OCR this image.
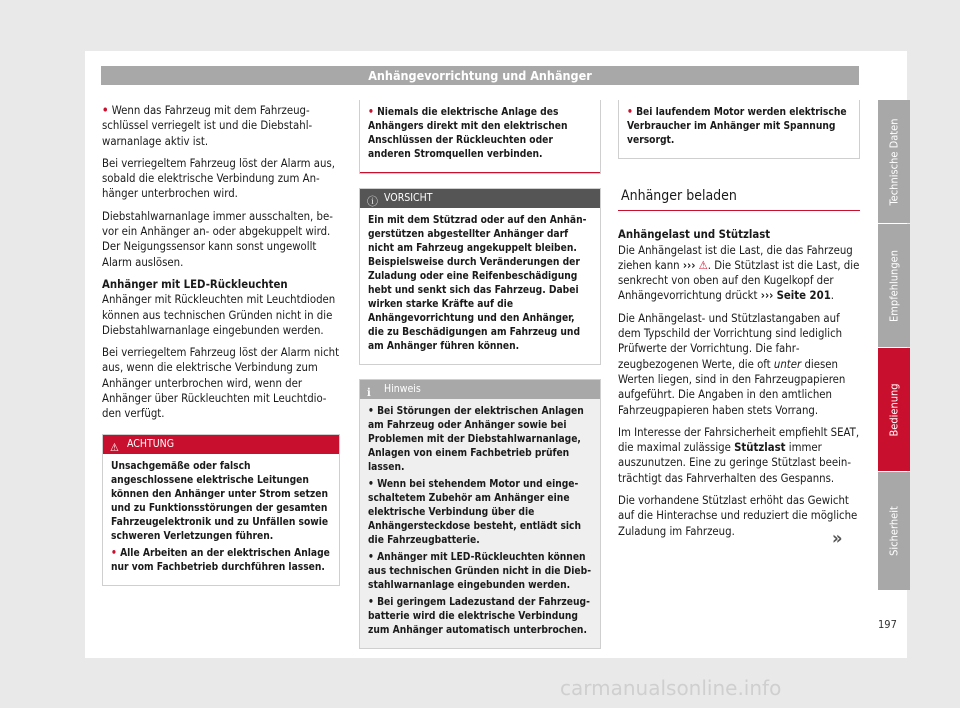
Anhängevorrichtung und Anhänger

• Wenn das Fahrzeug mit dem Fahrzeugschlüssel verriegelt ist und die Diebstahlwarnanlage aktiv ist.

Bei verriegeltem Fahrzeug löst der Alarm aus, sobald die elektrische Verbindung zum Anhänger unterbrochen wird.

Diebstahlwarnanlage immer ausschalten, bevor ein Anhänger an- oder abgekuppelt wird. Der Neigungssensor kann sonst ungewollt Alarm auslösen.

Anhänger mit LED-Rückleuchten

Anhänger mit Rückleuchten mit Leuchtdioden können aus technischen Gründen nicht in die Diebstahlwarnanlage eingebunden werden.

Bei verriegeltem Fahrzeug löst der Alarm nicht aus, wenn die elektrische Verbindung zum Anhänger unterbrochen wird, wenn der Anhänger über Rückleuchten mit Leuchtdioden verfügt.

⚠ ACHTUNG

Unsachgemäße oder falsch angeschlossene elektrische Leitungen können den Anhänger unter Strom setzen und zu Funktionsstörungen der gesamten Fahrzeugelektronik und zu Unfällen sowie schweren Verletzungen führen.

• Alle Arbeiten an der elektrischen Anlage nur vom Fachbetrieb durchführen lassen.

• Niemals die elektrische Anlage des Anhängers direkt mit den elektrischen Anschlüssen der Rückleuchten oder anderen Stromquellen verbinden.

ⓘ VORSICHT

Ein mit dem Stützrad oder auf den Anhängerstützen abgestellter Anhänger darf nicht am Fahrzeug angekuppelt bleiben. Beispielsweise durch Veränderungen der Zuladung oder eine Reifenbeschädigung hebt und senkt sich das Fahrzeug. Dabei wirken starke Kräfte auf die Anhängevorrichtung und den Anhänger, die zu Beschädigungen am Fahrzeug und am Anhänger führen können.

ℹ Hinweis

• Bei Störungen der elektrischen Anlagen am Fahrzeug oder Anhänger sowie bei Problemen mit der Diebstahlwarnanlage, Anlagen von einem Fachbetrieb prüfen lassen.

• Wenn bei stehendem Motor und eingeschaltetem Zubehör am Anhänger eine elektrische Verbindung über die Anhängersteckdose besteht, entlädt sich die Fahrzeugbatterie.

• Anhänger mit LED-Rückleuchten können aus technischen Gründen nicht in die Diebstahlwarnanlage eingebunden werden.

• Bei geringem Ladezustand der Fahrzeugbatterie wird die elektrische Verbindung zum Anhänger automatisch unterbrochen.

• Bei laufendem Motor werden elektrische Verbraucher im Anhänger mit Spannung versorgt.

Anhänger beladen

Anhängelast und Stützlast

Die Anhängelast ist die Last, die das Fahrzeug ziehen kann ››› ⚠. Die Stützlast ist die Last, die senkrecht von oben auf den Kugelkopf der Anhängevorrichtung drückt ››› Seite 201.

Die Anhängelast- und Stützlastangaben auf dem Typschild der Vorrichtung sind lediglich Prüfwerte der Vorrichtung. Die fahrzeugbezogenen Werte, die oft unter diesen Werten liegen, sind in den Fahrzeugpapieren aufgeführt. Die Angaben in den amtlichen Fahrzeugpapieren haben stets Vorrang.

Im Interesse der Fahrsicherheit empfiehlt SEAT, die maximal zulässige Stützlast immer auszunutzen. Eine zu geringe Stützlast beeinträchtigt das Fahrverhalten des Gespanns.

Die vorhandene Stützlast erhöht das Gewicht auf die Hinterachse und reduziert die mögliche Zuladung im Fahrzeug.	»
Technische Daten
Empfehlungen
Bedienung
Sicherheit
197
carmanualsonline.info
